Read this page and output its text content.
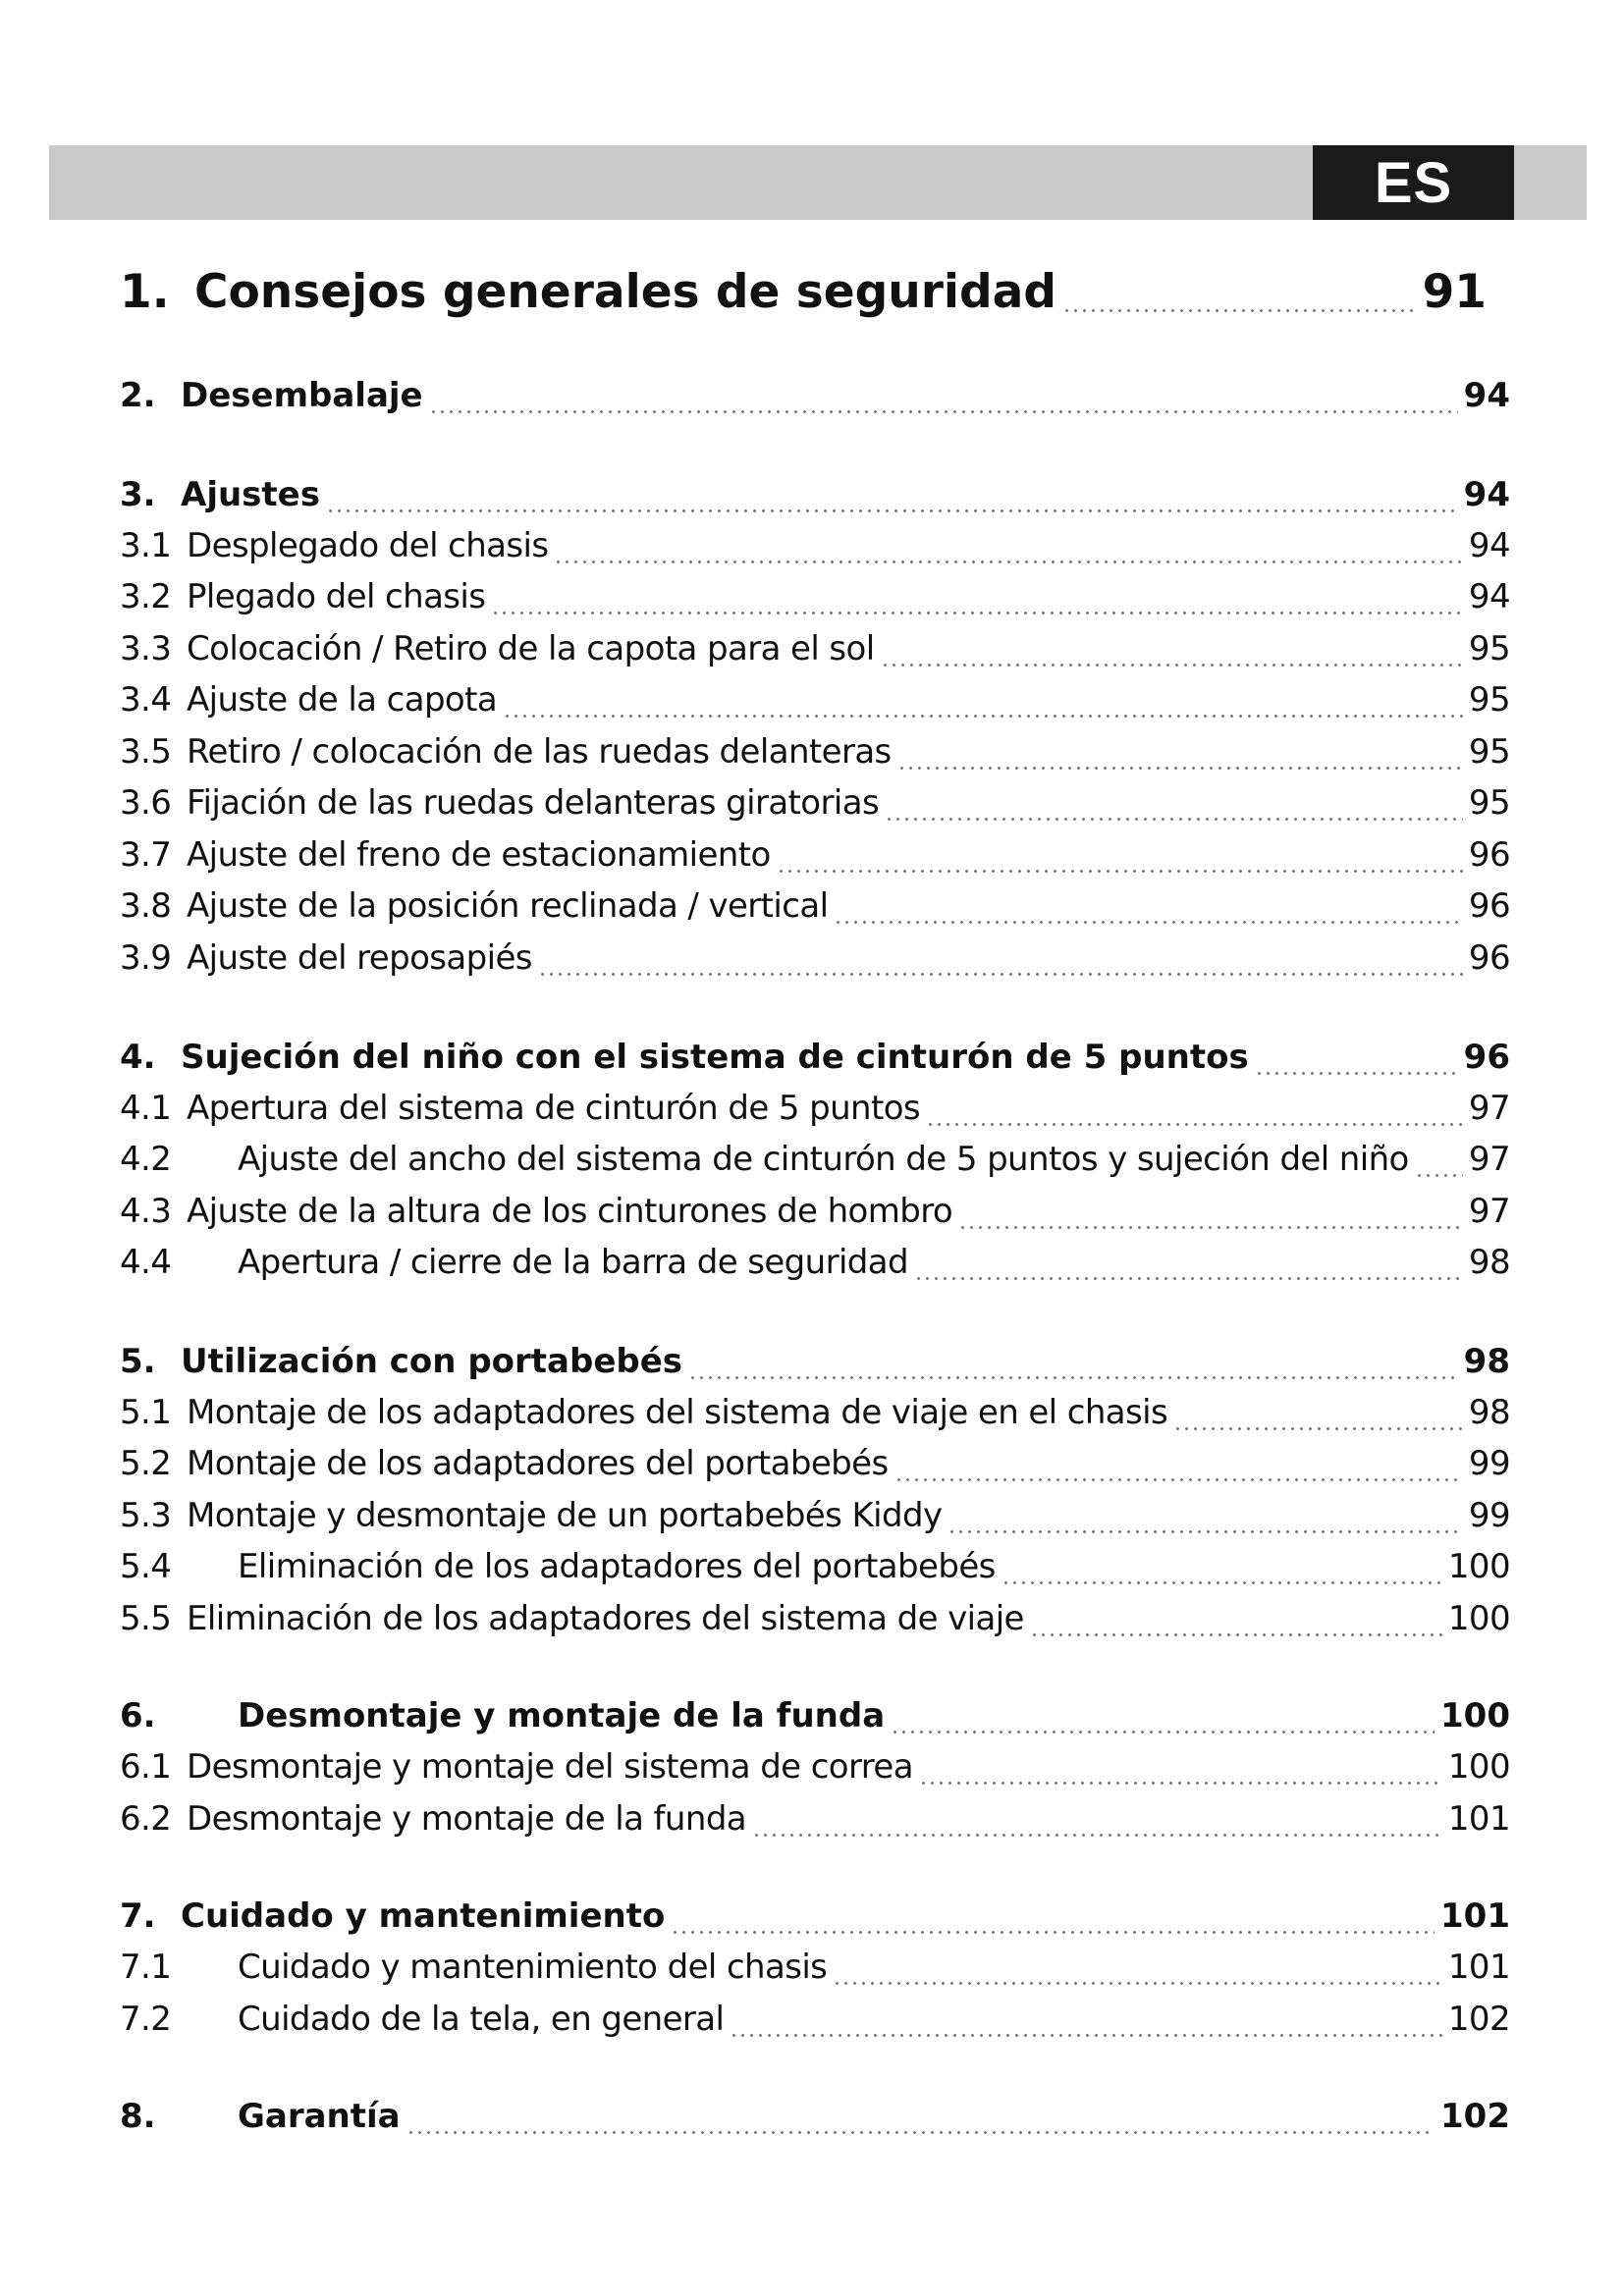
ES
1. Consejos generales de seguridad	91
2. Desembalaje	94
3. Ajustes	94
3.1 Desplegado del chasis	94
3.2 Plegado del chasis	94
3.3 Colocación / Retiro de la capota para el sol	95
3.4 Ajuste de la capota	95
3.5 Retiro / colocación de las ruedas delanteras	95
3.6 Fijación de las ruedas delanteras giratorias	95
3.7 Ajuste del freno de estacionamiento	96
3.8 Ajuste de la posición reclinada / vertical	96
3.9 Ajuste del reposapiés	96
4. Sujeción del niño con el sistema de cinturón de 5 puntos	96
4.1 Apertura del sistema de cinturón de 5 puntos	97
4.2	Ajuste del ancho del sistema de cinturón de 5 puntos y sujeción del niño 97
4.3 Ajuste de la altura de los cinturones de hombro	97
4.4	Apertura / cierre de la barra de seguridad	98
5. Utilización con portabebés	98
5.1 Montaje de los adaptadores del sistema de viaje en el chasis	98
5.2 Montaje de los adaptadores del portabebés	99
5.3 Montaje y desmontaje de un portabebés Kiddy	99
5.4	Eliminación de los adaptadores del portabebés	100
5.5 Eliminación de los adaptadores del sistema de viaje	100
6.	Desmontaje y montaje de la funda	100
6.1 Desmontaje y montaje del sistema de correa	100
6.2 Desmontaje y montaje de la funda	101
7. Cuidado y mantenimiento	101
7.1	Cuidado y mantenimiento del chasis	101
7.2	Cuidado de la tela, en general	102
8.	Garantía	102
